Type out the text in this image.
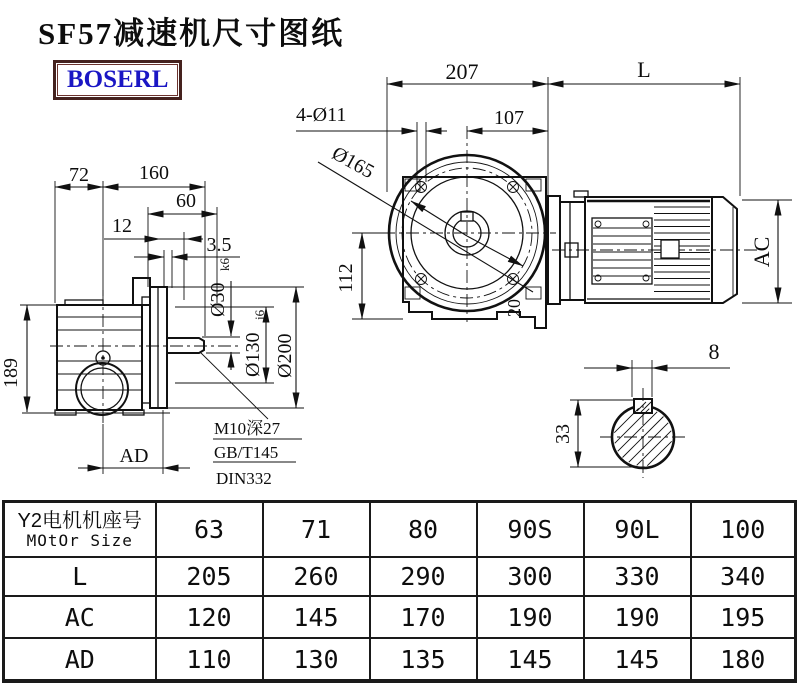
SF57减速机尺寸图纸
BOSERL
72	160
60
12
3.5
189
Ø30
k6
Ø130
j6
Ø200
AD
M10深27
GB/T145
DIN332
207	L
4-Ø11	107
Ø165
112
20
AC
8
33
Y2电机机座号
MOtOr Size	63	71	80	90S	90L	100
L	205	260	290	300	330	340
AC	120	145	170	190	190	195
AD	110	130	135	145	145	180
